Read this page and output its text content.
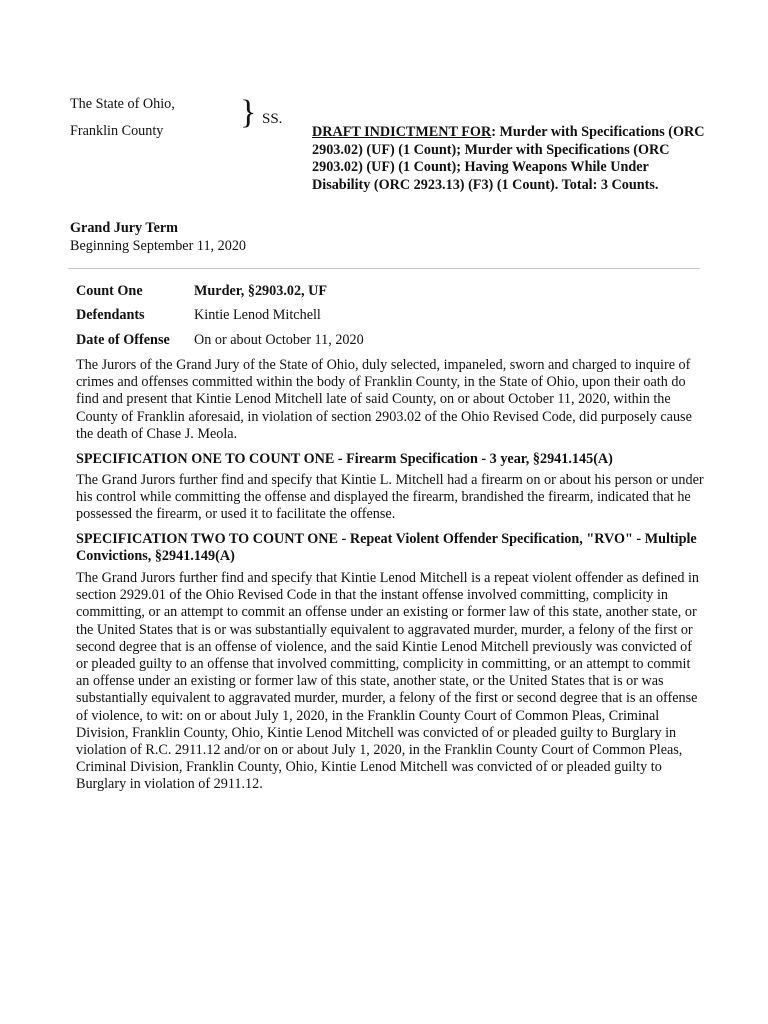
The State of Ohio,
Franklin County } SS.
DRAFT INDICTMENT FOR: Murder with Specifications (ORC 2903.02) (UF) (1 Count); Murder with Specifications (ORC 2903.02) (UF) (1 Count); Having Weapons While Under Disability (ORC 2923.13) (F3) (1 Count). Total: 3 Counts.
Grand Jury Term
Beginning September 11, 2020
Count One	Murder, §2903.02, UF
Defendants	Kintie Lenod Mitchell
Date of Offense On or about October 11, 2020
The Jurors of the Grand Jury of the State of Ohio, duly selected, impaneled, sworn and charged to inquire of crimes and offenses committed within the body of Franklin County, in the State of Ohio, upon their oath do find and present that Kintie Lenod Mitchell late of said County, on or about October 11, 2020, within the County of Franklin aforesaid, in violation of section 2903.02 of the Ohio Revised Code, did purposely cause the death of Chase J. Meola.
SPECIFICATION ONE TO COUNT ONE - Firearm Specification - 3 year, §2941.145(A)
The Grand Jurors further find and specify that Kintie L. Mitchell had a firearm on or about his person or under his control while committing the offense and displayed the firearm, brandished the firearm, indicated that he possessed the firearm, or used it to facilitate the offense.
SPECIFICATION TWO TO COUNT ONE - Repeat Violent Offender Specification, "RVO" - Multiple Convictions, §2941.149(A)
The Grand Jurors further find and specify that Kintie Lenod Mitchell is a repeat violent offender as defined in section 2929.01 of the Ohio Revised Code in that the instant offense involved committing, complicity in committing, or an attempt to commit an offense under an existing or former law of this state, another state, or the United States that is or was substantially equivalent to aggravated murder, murder, a felony of the first or second degree that is an offense of violence, and the said Kintie Lenod Mitchell previously was convicted of or pleaded guilty to an offense that involved committing, complicity in committing, or an attempt to commit an offense under an existing or former law of this state, another state, or the United States that is or was substantially equivalent to aggravated murder, murder, a felony of the first or second degree that is an offense of violence, to wit: on or about July 1, 2020, in the Franklin County Court of Common Pleas, Criminal Division, Franklin County, Ohio, Kintie Lenod Mitchell was convicted of or pleaded guilty to Burglary in violation of R.C. 2911.12 and/or on or about July 1, 2020, in the Franklin County Court of Common Pleas, Criminal Division, Franklin County, Ohio, Kintie Lenod Mitchell was convicted of or pleaded guilty to Burglary in violation of 2911.12.
